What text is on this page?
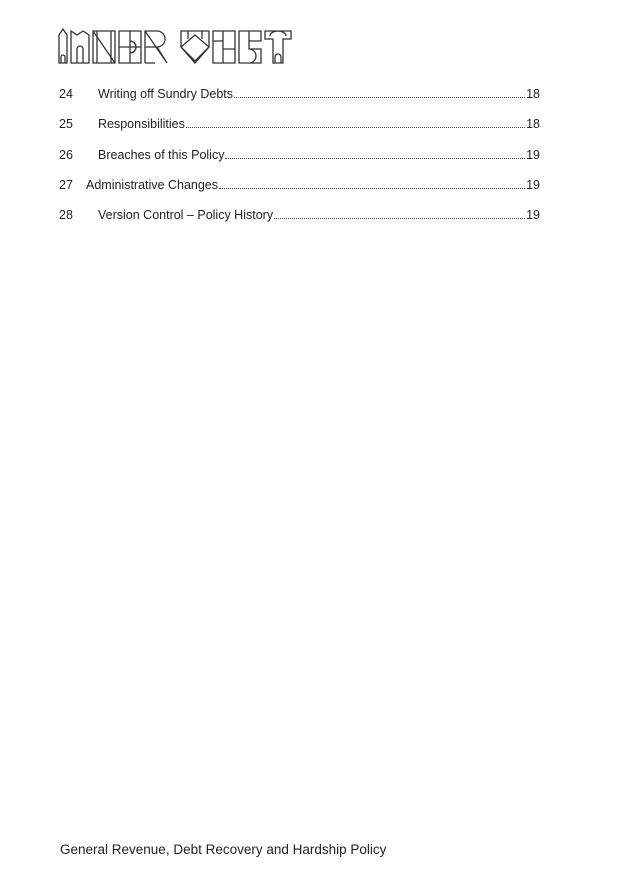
24	Writing off Sundry Debts	18
25	Responsibilities	18
26	Breaches of this Policy	19
27	Administrative Changes	19
28	Version Control – Policy History	19
General Revenue, Debt Recovery and Hardship Policy
